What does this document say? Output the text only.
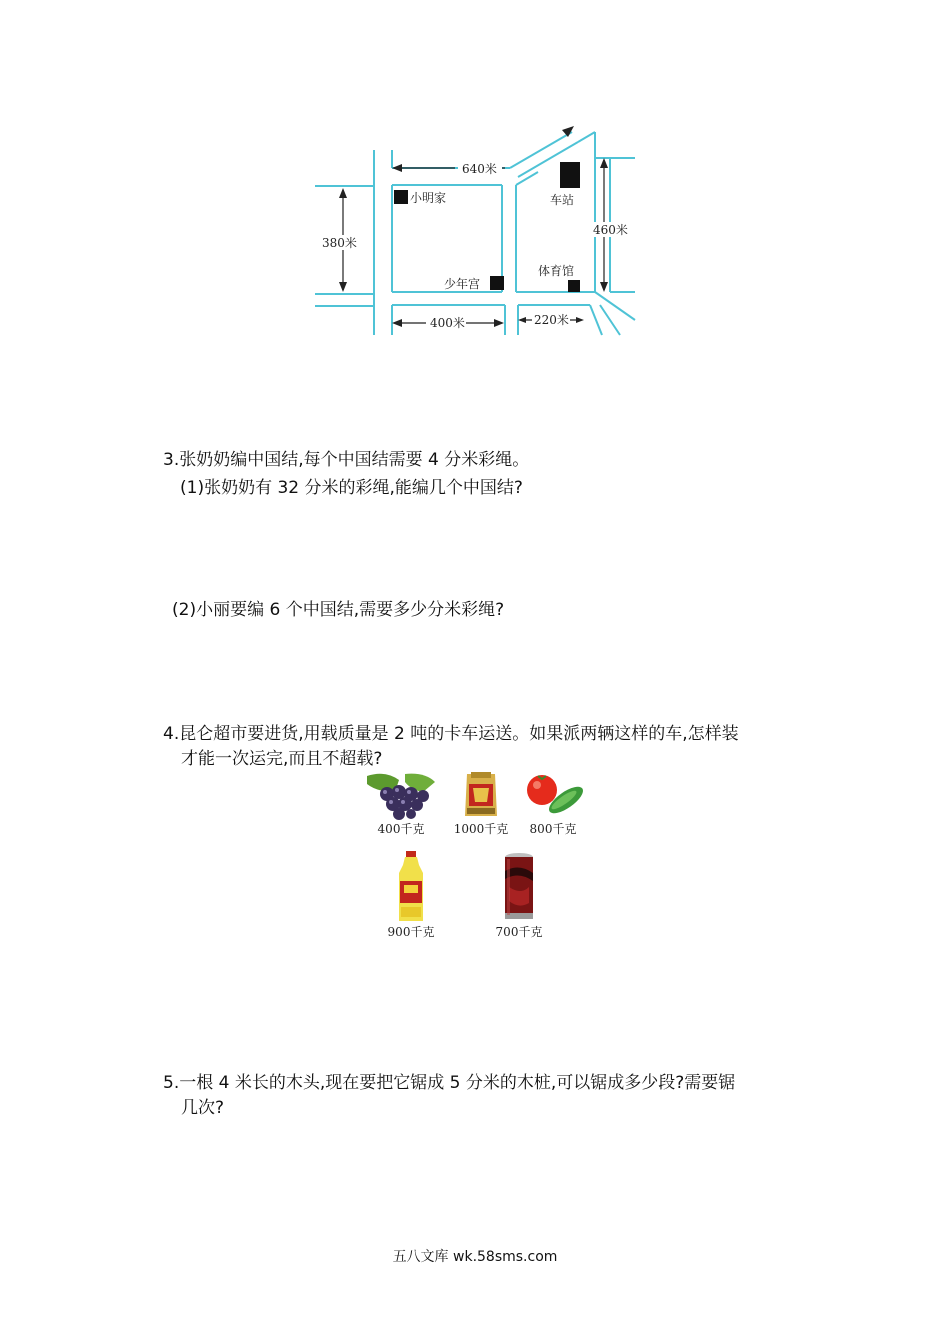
640米
380米
460米
400米	220米
小明家
少年宫
车站
体育馆
3.张奶奶编中国结,每个中国结需要 4 分米彩绳。
(1)张奶奶有 32 分米的彩绳,能编几个中国结?
(2)小丽要编 6 个中国结,需要多少分米彩绳?
4.昆仑超市要进货,用载质量是 2 吨的卡车运送。如果派两辆这样的车,怎样装
才能一次运完,而且不超载?
400千克	1000千克	800千克
900千克	700千克
5.一根 4 米长的木头,现在要把它锯成 5 分米的木桩,可以锯成多少段?需要锯
几次?
五八文库 wk.58sms.com
